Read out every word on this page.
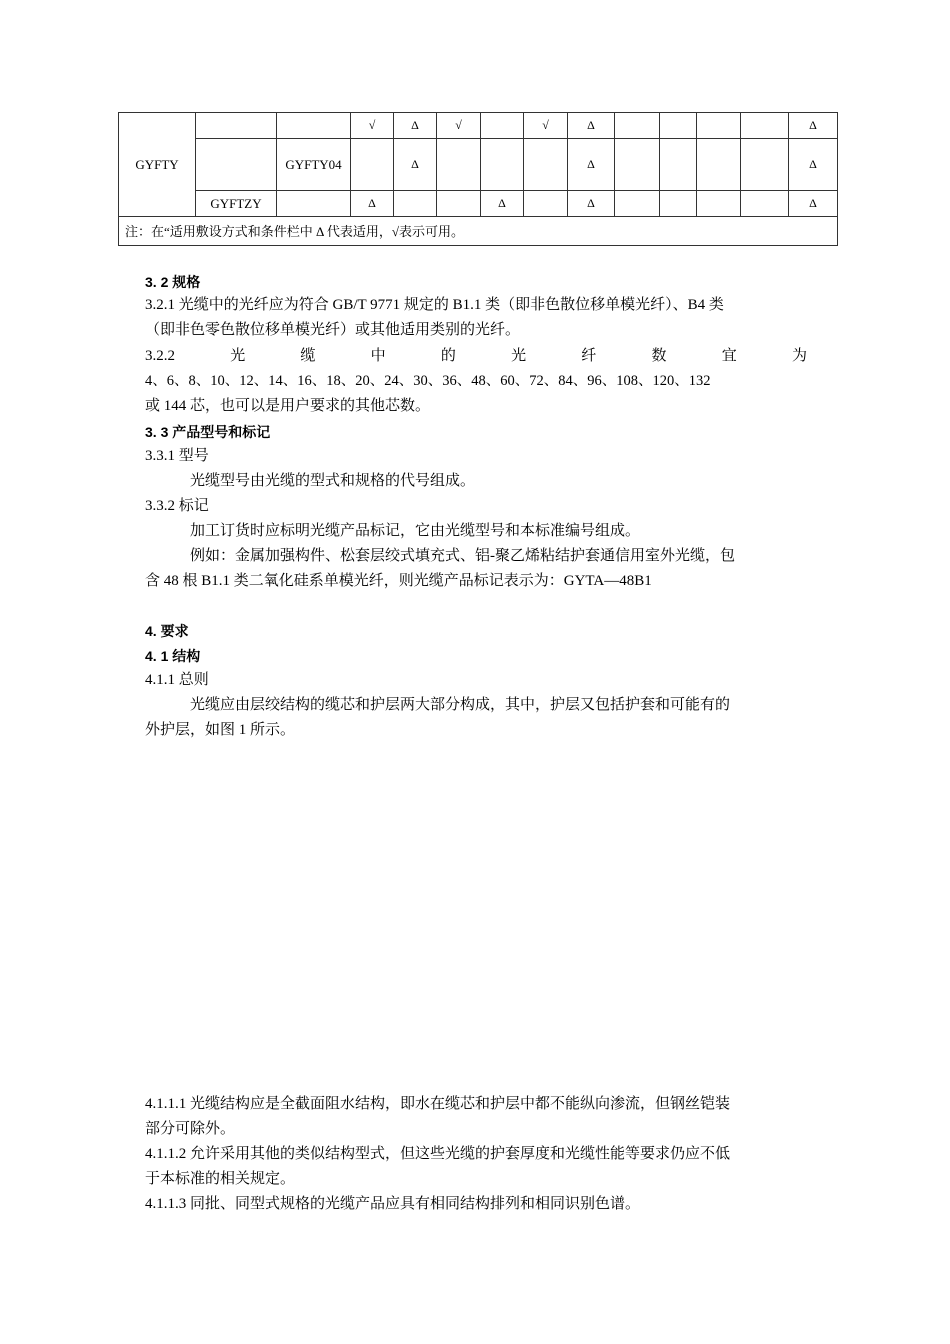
GYFTY			√	Δ	√		√	Δ					Δ
		GYFTY04		Δ				Δ					Δ
	GYFTZY		Δ			Δ		Δ					Δ
注：在“适用敷设方式和条件栏中 Δ 代表适用，√表示可用。													
3. 2 规格
3.2.1 光缆中的光纤应为符合 GB/T 9771 规定的 B1.1 类（即非色散位移单模光纤）、B4 类
（即非色零色散位移单模光纤）或其他适用类别的光纤。
3.2.2	光	缆	中	的	光	纤	数	宜	为
4、6、8、10、12、14、16、18、20、24、30、36、48、60、72、84、96、108、120、132
或 144 芯，也可以是用户要求的其他芯数。
3. 3 产品型号和标记
3.3.1 型号
光缆型号由光缆的型式和规格的代号组成。
3.3.2 标记
加工订货时应标明光缆产品标记，它由光缆型号和本标准编号组成。
例如：金属加强构件、松套层绞式填充式、铝-聚乙烯粘结护套通信用室外光缆，包
含 48 根 B1.1 类二氧化硅系单模光纤，则光缆产品标记表示为：GYTA—48B1
4. 要求
4. 1 结构
4.1.1 总则
光缆应由层绞结构的缆芯和护层两大部分构成，其中，护层又包括护套和可能有的
外护层，如图 1 所示。
4.1.1.1 光缆结构应是全截面阻水结构，即水在缆芯和护层中都不能纵向渗流，但钢丝铠装
部分可除外。
4.1.1.2 允许采用其他的类似结构型式，但这些光缆的护套厚度和光缆性能等要求仍应不低
于本标准的相关规定。
4.1.1.3 同批、同型式规格的光缆产品应具有相同结构排列和相同识别色谱。
